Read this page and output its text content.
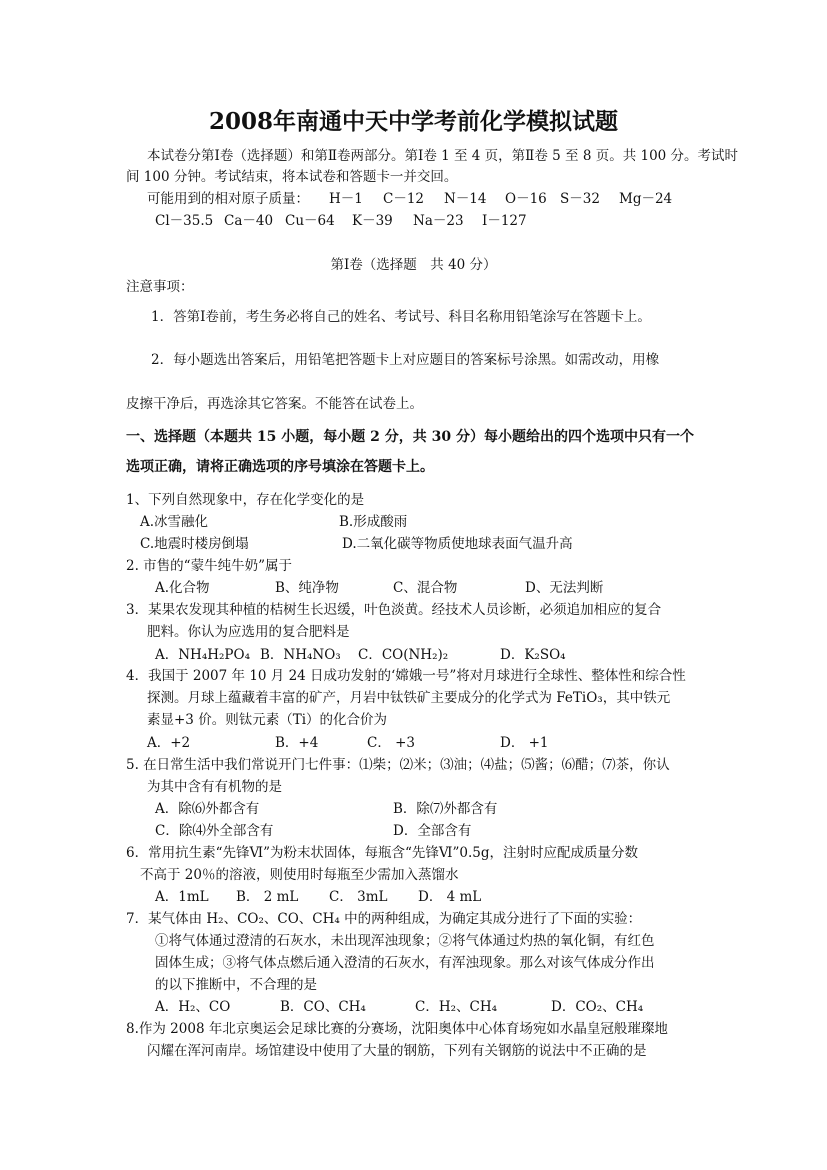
2008年南通中天中学考前化学模拟试题
本试卷分第Ⅰ卷（选择题）和第Ⅱ卷两部分。第Ⅰ卷 1 至 4 页，第Ⅱ卷 5 至 8 页。共 100 分。考试时
间 100 分钟。考试结束，将本试卷和答题卡一并交回。
可能用到的相对原子质量： H－1 C－12 N－14 O－16 S－32 Mg－24
Cl－35.5 Ca－40 Cu－64 K－39 Na－23 I－127
第Ⅰ卷（选择题　共 40 分）
注意事项：
1．答第Ⅰ卷前，考生务必将自己的姓名、考试号、科目名称用铅笔涂写在答题卡上。
2．每小题选出答案后，用铅笔把答题卡上对应题目的答案标号涂黑。如需改动，用橡
皮擦干净后，再选涂其它答案。不能答在试卷上。
一、选择题（本题共 15 小题，每小题 2 分，共 30 分）每小题给出的四个选项中只有一个
选项正确，请将正确选项的序号填涂在答题卡上。
1、下列自然现象中，存在化学变化的是
A.冰雪融化	B.形成酸雨
C.地震时楼房倒塌	D.二氧化碳等物质使地球表面气温升高
2. 市售的“蒙牛纯牛奶”属于
A.化合物	B、纯净物	C、混合物	D、无法判断
3．某果农发现其种植的桔树生长迟缓，叶色淡黄。经技术人员诊断，必须追加相应的复合
肥料。你认为应选用的复合肥料是
A．NH₄H₂PO₄ B．NH₄NO₃ C．CO(NH₂)₂	D．K₂SO₄
4．我国于 2007 年 10 月 24 日成功发射的‘嫦娥一号”将对月球进行全球性、整体性和综合性
探测。月球上蕴藏着丰富的矿产，月岩中钛铁矿主要成分的化学式为 FeTiO₃，其中铁元
素显+3 价。则钛元素（Ti）的化合价为
A．+2	B．+4	C． +3	D． +1
5. 在日常生活中我们常说开门七件事：⑴柴；⑵米；⑶油；⑷盐；⑸酱；⑹醋；⑺茶，你认
为其中含有有机物的是
A．除⑹外都含有	B．除⑺外都含有
C．除⑷外全部含有	D．全部含有
6．常用抗生素“先锋Ⅵ”为粉末状固体，每瓶含“先锋Ⅵ”0.5g，注射时应配成质量分数
不高于 20％的溶液，则使用时每瓶至少需加入蒸馏水
A．1mL B． 2 mL C． 3mL D． 4 mL
7．某气体由 H₂、CO₂、CO、CH₄ 中的两种组成，为确定其成分进行了下面的实验：
①将气体通过澄清的石灰水，未出现浑浊现象；②将气体通过灼热的氧化铜，有红色
固体生成；③将气体点燃后通入澄清的石灰水，有浑浊现象。那么对该气体成分作出
的以下推断中，不合理的是
A．H₂、CO	B．CO、CH₄	C．H₂、CH₄	D．CO₂、CH₄
8.作为 2008 年北京奥运会足球比赛的分赛场，沈阳奥体中心体育场宛如水晶皇冠般璀璨地
闪耀在浑河南岸。场馆建设中使用了大量的钢筋，下列有关钢筋的说法中不正确的是
